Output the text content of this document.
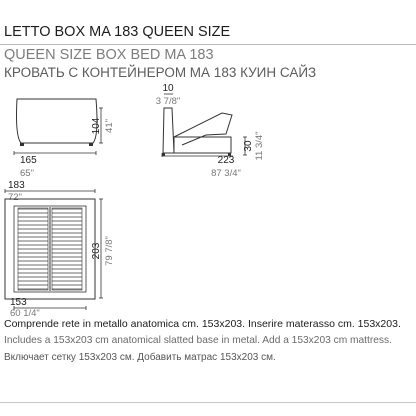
LETTO BOX MA 183 QUEEN SIZE
QUEEN SIZE BOX BED MA 183
КРОВАТЬ С КОНТЕЙНЕРОМ МА 183 КУИН САЙЗ
104 41"
165
65"
10
3 7/8"
30 11 3/4"
223
87 3/4"
183
72"
203 79 7/8"
153
60 1/4"

Comprende rete in metallo anatomica cm. 153x203. Inserire materasso cm. 153x203.

Includes a 153x203 cm anatomical slatted base in metal. Add a 153x203 cm mattress.

Включает сетку 153х203 см. Добавить матрас 153х203 см.
